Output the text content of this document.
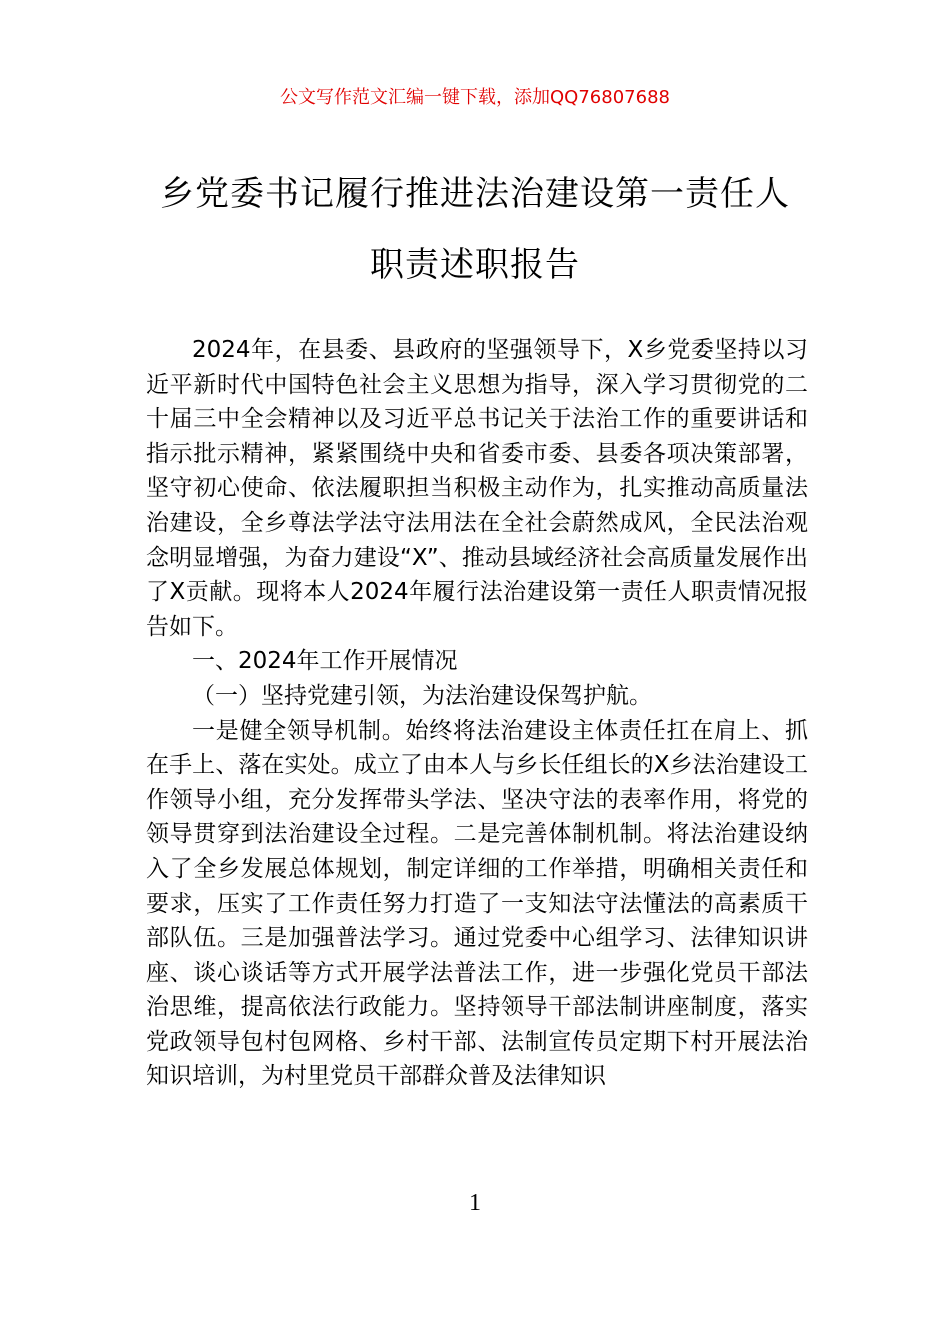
公文写作范文汇编一键下载，添加QQ76807688
乡党委书记履行推进法治建设第一责任人
职责述职报告

2024年，在县委、县政府的坚强领导下，X乡党委坚持以习近平新时代中国特色社会主义思想为指导，深入学习贯彻党的二十届三中全会精神以及习近平总书记关于法治工作的重要讲话和指示批示精神，紧紧围绕中央和省委市委、县委各项决策部署，坚守初心使命、依法履职担当积极主动作为，扎实推动高质量法治建设，全乡尊法学法守法用法在全社会蔚然成风，全民法治观念明显增强，为奋力建设“X”、推动县域经济社会高质量发展作出了X贡献。现将本人2024年履行法治建设第一责任人职责情况报告如下。

一、2024年工作开展情况

（一）坚持党建引领，为法治建设保驾护航。

一是健全领导机制。始终将法治建设主体责任扛在肩上、抓在手上、落在实处。成立了由本人与乡长任组长的X乡法治建设工作领导小组，充分发挥带头学法、坚决守法的表率作用，将党的领导贯穿到法治建设全过程。二是完善体制机制。将法治建设纳入了全乡发展总体规划，制定详细的工作举措，明确相关责任和要求，压实了工作责任努力打造了一支知法守法懂法的高素质干部队伍。三是加强普法学习。通过党委中心组学习、法律知识讲座、谈心谈话等方式开展学法普法工作，进一步强化党员干部法治思维，提高依法行政能力。坚持领导干部法制讲座制度，落实党政领导包村包网格、乡村干部、法制宣传员定期下村开展法治知识培训，为村里党员干部群众普及法律知识

1
